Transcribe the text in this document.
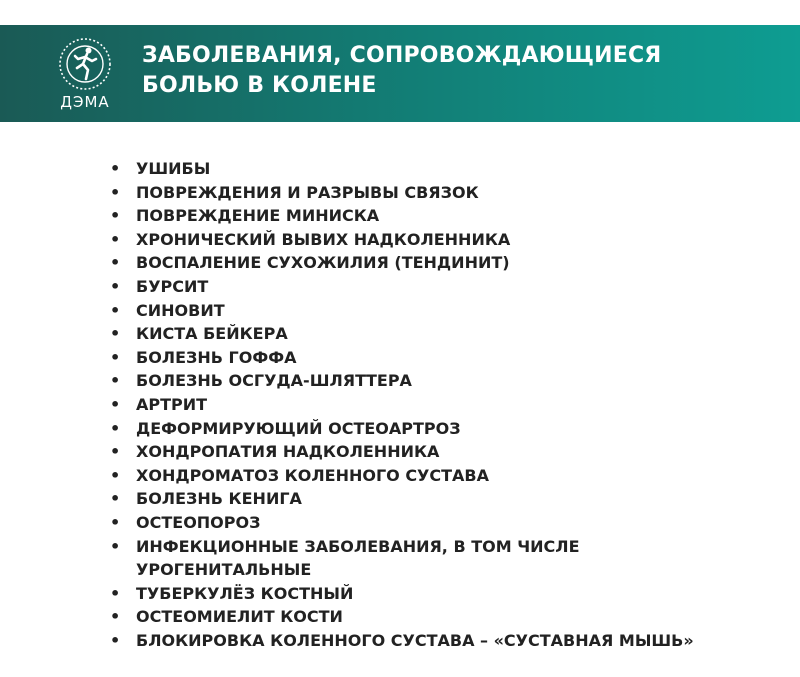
ДЭМА
ЗАБОЛЕВАНИЯ, СОПРОВОЖДАЮЩИЕСЯ
БОЛЬЮ В КОЛЕНЕ
• УШИБЫ
• ПОВРЕЖДЕНИЯ И РАЗРЫВЫ СВЯЗОК
• ПОВРЕЖДЕНИЕ МИНИСКА
• ХРОНИЧЕСКИЙ ВЫВИХ НАДКОЛЕННИКА
• ВОСПАЛЕНИЕ СУХОЖИЛИЯ (ТЕНДИНИТ)
• БУРСИТ
• СИНОВИТ
• КИСТА БЕЙКЕРА
• БОЛЕЗНЬ ГОФФА
• БОЛЕЗНЬ ОСГУДА-ШЛЯТТЕРА
• АРТРИТ
• ДЕФОРМИРУЮЩИЙ ОСТЕОАРТРОЗ
• ХОНДРОПАТИЯ НАДКОЛЕННИКА
• ХОНДРОМАТОЗ КОЛЕННОГО СУСТАВА
• БОЛЕЗНЬ КЕНИГА
• ОСТЕОПОРОЗ
• ИНФЕКЦИОННЫЕ ЗАБОЛЕВАНИЯ, В ТОМ ЧИСЛЕ УРОГЕНИТАЛЬНЫЕ
• ТУБЕРКУЛЁЗ КОСТНЫЙ
• ОСТЕОМИЕЛИТ КОСТИ
• БЛОКИРОВКА КОЛЕННОГО СУСТАВА – «СУСТАВНАЯ МЫШЬ»
